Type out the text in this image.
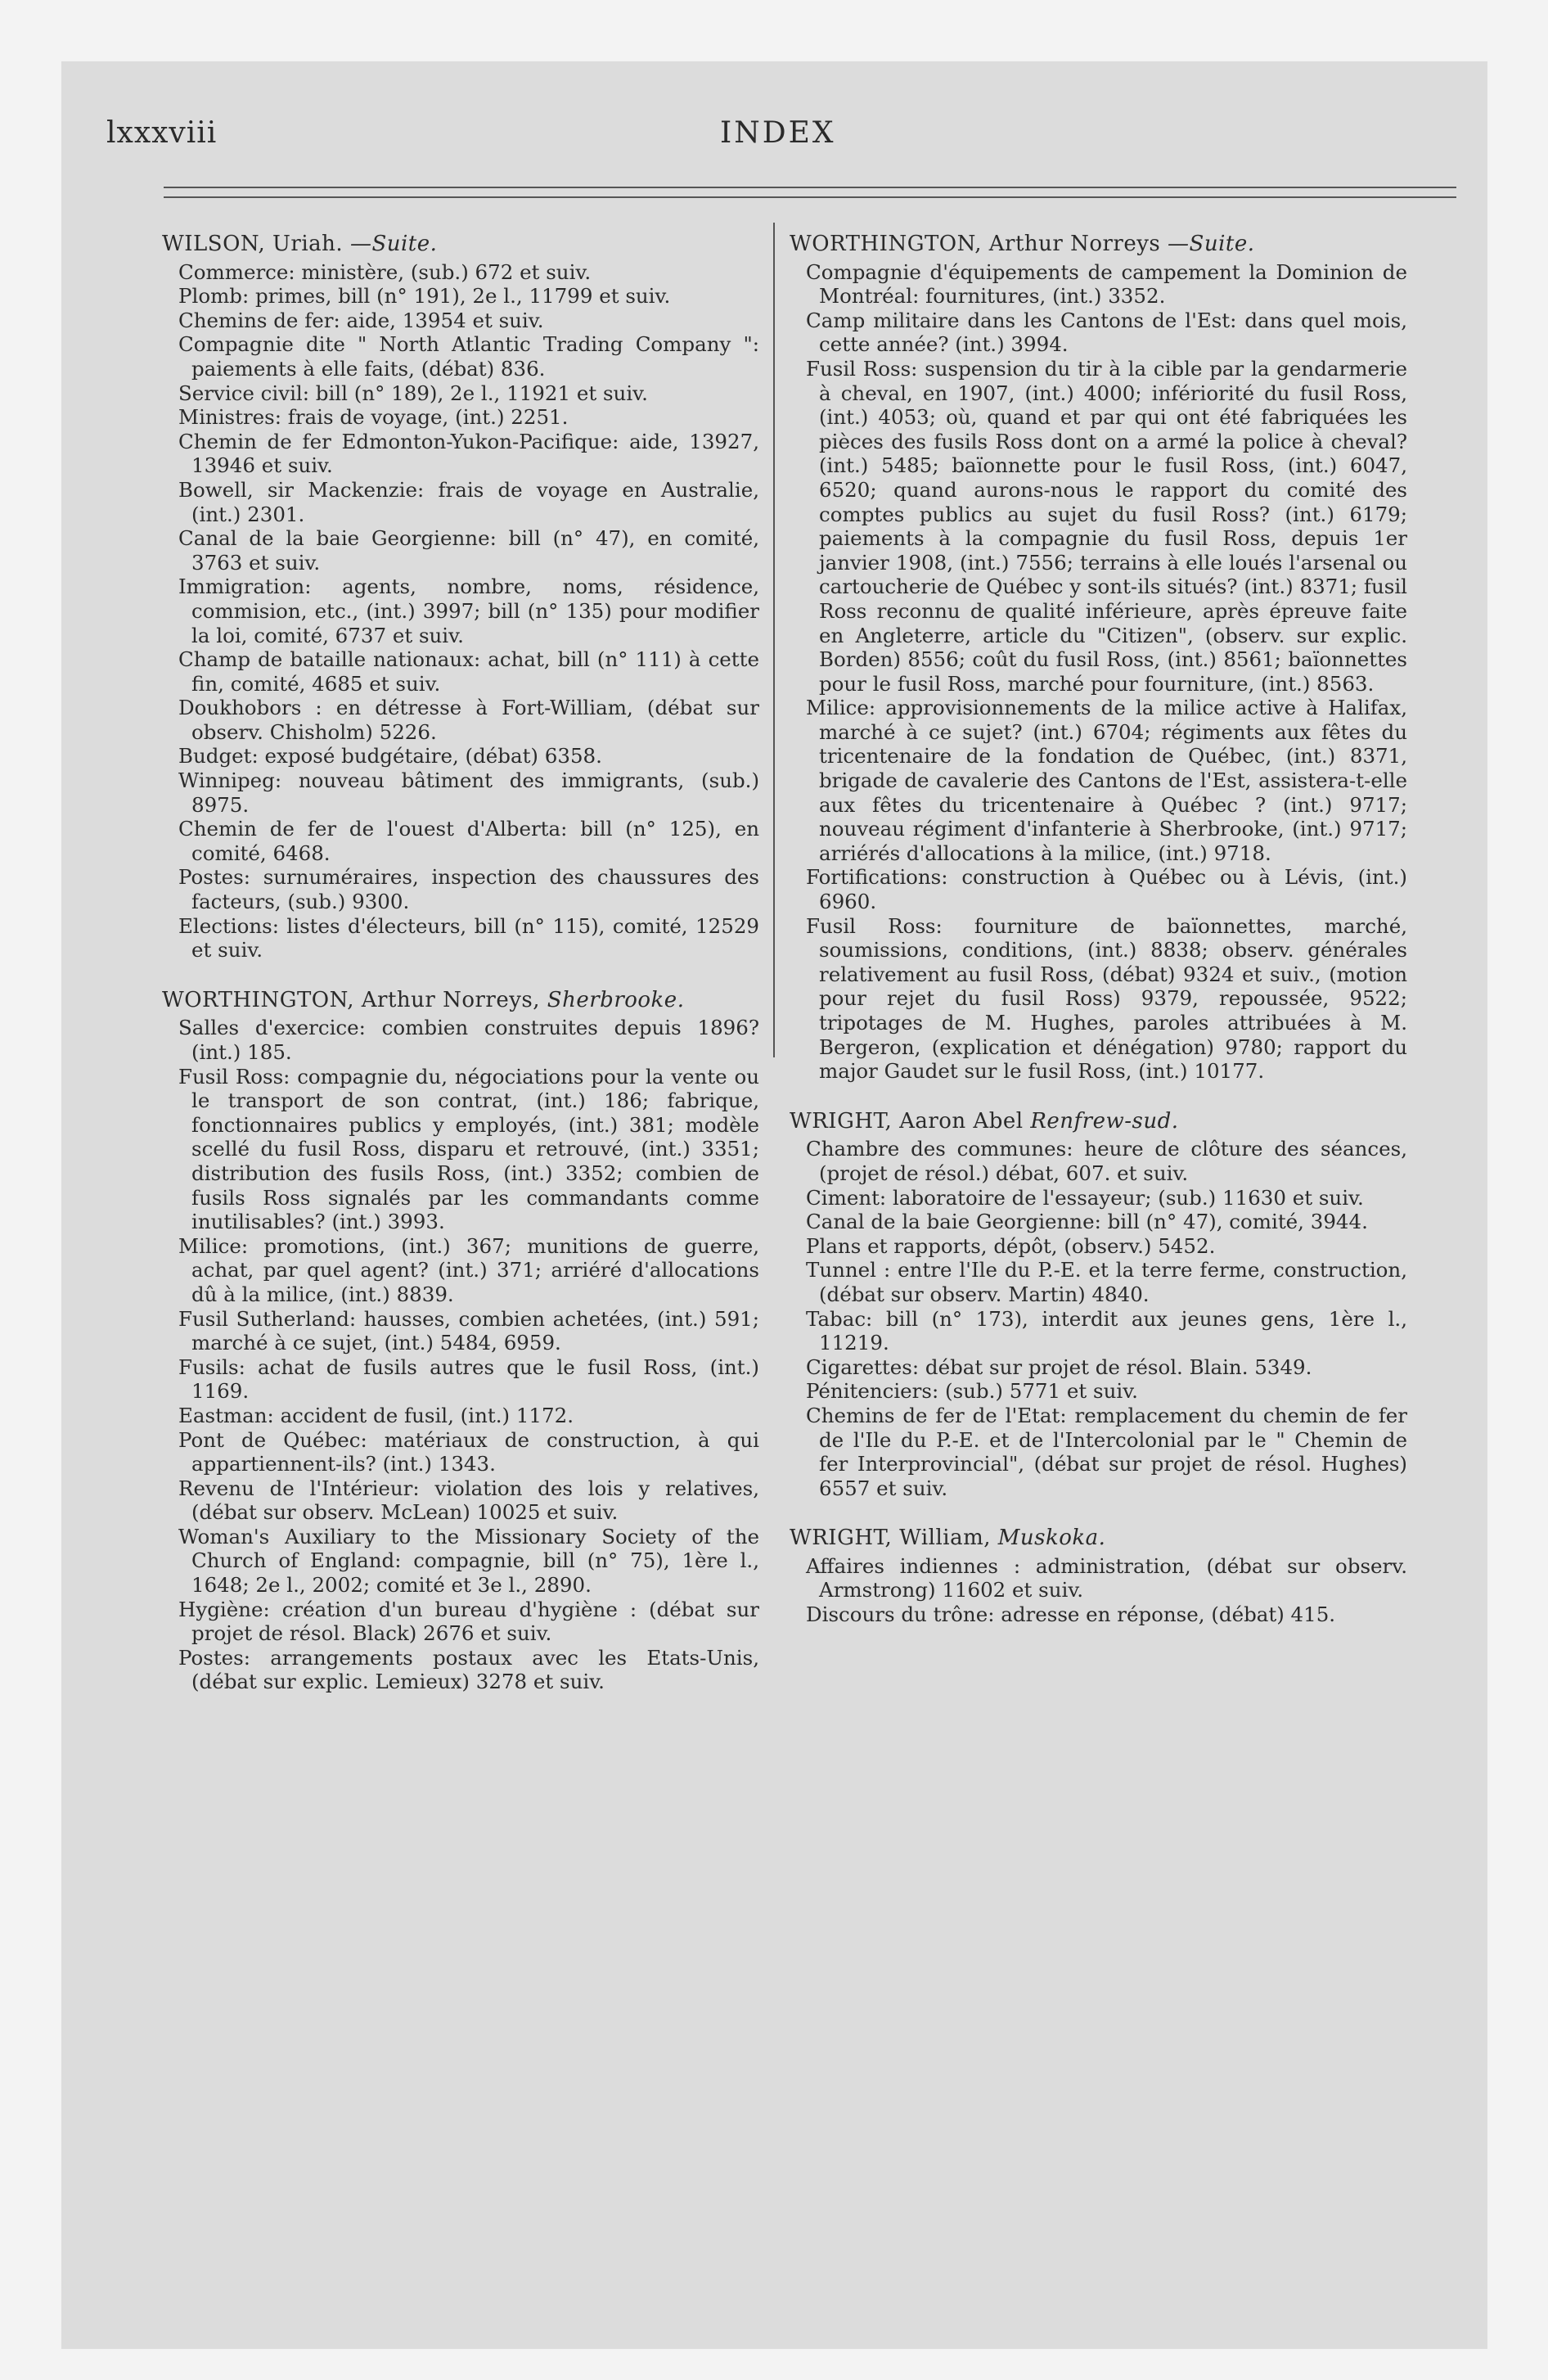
lxxxviii	INDEX
WILSON, Uriah. —Suite.
Commerce: ministère, (sub.) 672 et suiv.
Plomb: primes, bill (n° 191), 2e l., 11799 et suiv.
Chemins de fer: aide, 13954 et suiv.
Compagnie dite " North Atlantic Trading Company ": paiements à elle faits, (débat) 836.
Service civil: bill (n° 189), 2e l., 11921 et suiv.
Ministres: frais de voyage, (int.) 2251.
Chemin de fer Edmonton-Yukon-Pacifique: aide, 13927, 13946 et suiv.
Bowell, sir Mackenzie: frais de voyage en Australie, (int.) 2301.
Canal de la baie Georgienne: bill (n° 47), en comité, 3763 et suiv.
Immigration: agents, nombre, noms, résidence, commision, etc., (int.) 3997; bill (n° 135) pour modifier la loi, comité, 6737 et suiv.
Champ de bataille nationaux: achat, bill (n° 111) à cette fin, comité, 4685 et suiv.
Doukhobors : en détresse à Fort-William, (débat sur observ. Chisholm) 5226.
Budget: exposé budgétaire, (débat) 6358.
Winnipeg: nouveau bâtiment des immigrants, (sub.) 8975.
Chemin de fer de l'ouest d'Alberta: bill (n° 125), en comité, 6468.
Postes: surnuméraires, inspection des chaussures des facteurs, (sub.) 9300.
Elections: listes d'électeurs, bill (n° 115), comité, 12529 et suiv.
WORTHINGTON, Arthur Norreys, Sherbrooke.
Salles d'exercice: combien construites depuis 1896? (int.) 185.
Fusil Ross: compagnie du, négociations pour la vente ou le transport de son contrat, (int.) 186; fabrique, fonctionnaires publics y employés, (int.) 381; modèle scellé du fusil Ross, disparu et retrouvé, (int.) 3351; distribution des fusils Ross, (int.) 3352; combien de fusils Ross signalés par les commandants comme inutilisables? (int.) 3993.
Milice: promotions, (int.) 367; munitions de guerre, achat, par quel agent? (int.) 371; arriéré d'allocations dû à la milice, (int.) 8839.
Fusil Sutherland: hausses, combien achetées, (int.) 591; marché à ce sujet, (int.) 5484, 6959.
Fusils: achat de fusils autres que le fusil Ross, (int.) 1169.
Eastman: accident de fusil, (int.) 1172.
Pont de Québec: matériaux de construction, à qui appartiennent-ils? (int.) 1343.
Revenu de l'Intérieur: violation des lois y relatives, (débat sur observ. McLean) 10025 et suiv.
Woman's Auxiliary to the Missionary Society of the Church of England: compagnie, bill (n° 75), 1ère l., 1648; 2e l., 2002; comité et 3e l., 2890.
Hygiène: création d'un bureau d'hygiène : (débat sur projet de résol. Black) 2676 et suiv.
Postes: arrangements postaux avec les Etats-Unis, (débat sur explic. Lemieux) 3278 et suiv.
WORTHINGTON, Arthur Norreys —Suite.
Compagnie d'équipements de campement la Dominion de Montréal: fournitures, (int.) 3352.
Camp militaire dans les Cantons de l'Est: dans quel mois, cette année? (int.) 3994.
Fusil Ross: suspension du tir à la cible par la gendarmerie à cheval, en 1907, (int.) 4000; infériorité du fusil Ross, (int.) 4053; où, quand et par qui ont été fabriquées les pièces des fusils Ross dont on a armé la police à cheval? (int.) 5485; baïonnette pour le fusil Ross, (int.) 6047, 6520; quand aurons-nous le rapport du comité des comptes publics au sujet du fusil Ross? (int.) 6179; paiements à la compagnie du fusil Ross, depuis 1er janvier 1908, (int.) 7556; terrains à elle loués l'arsenal ou cartoucherie de Québec y sont-ils situés? (int.) 8371; fusil Ross reconnu de qualité inférieure, après épreuve faite en Angleterre, article du "Citizen", (observ. sur explic. Borden) 8556; coût du fusil Ross, (int.) 8561; baïonnettes pour le fusil Ross, marché pour fourniture, (int.) 8563.
Milice: approvisionnements de la milice active à Halifax, marché à ce sujet? (int.) 6704; régiments aux fêtes du tricentenaire de la fondation de Québec, (int.) 8371, brigade de cavalerie des Cantons de l'Est, assistera-t-elle aux fêtes du tricentenaire à Québec ? (int.) 9717; nouveau régiment d'infanterie à Sherbrooke, (int.) 9717; arriérés d'allocations à la milice, (int.) 9718.
Fortifications: construction à Québec ou à Lévis, (int.) 6960.
Fusil Ross: fourniture de baïonnettes, marché, soumissions, conditions, (int.) 8838; observ. générales relativement au fusil Ross, (débat) 9324 et suiv., (motion pour rejet du fusil Ross) 9379, repoussée, 9522; tripotages de M. Hughes, paroles attribuées à M. Bergeron, (explication et dénégation) 9780; rapport du major Gaudet sur le fusil Ross, (int.) 10177.
WRIGHT, Aaron Abel Renfrew-sud.
Chambre des communes: heure de clôture des séances, (projet de résol.) débat, 607. et suiv.
Ciment: laboratoire de l'essayeur; (sub.) 11630 et suiv.
Canal de la baie Georgienne: bill (n° 47), comité, 3944.
Plans et rapports, dépôt, (observ.) 5452.
Tunnel : entre l'Ile du P.-E. et la terre ferme, construction, (débat sur observ. Martin) 4840.
Tabac: bill (n° 173), interdit aux jeunes gens, 1ère l., 11219.
Cigarettes: débat sur projet de résol. Blain. 5349.
Pénitenciers: (sub.) 5771 et suiv.
Chemins de fer de l'Etat: remplacement du chemin de fer de l'Ile du P.-E. et de l'Intercolonial par le " Chemin de fer Interprovincial", (débat sur projet de résol. Hughes) 6557 et suiv.
WRIGHT, William, Muskoka.
Affaires indiennes : administration, (débat sur observ. Armstrong) 11602 et suiv.
Discours du trône: adresse en réponse, (débat) 415.
